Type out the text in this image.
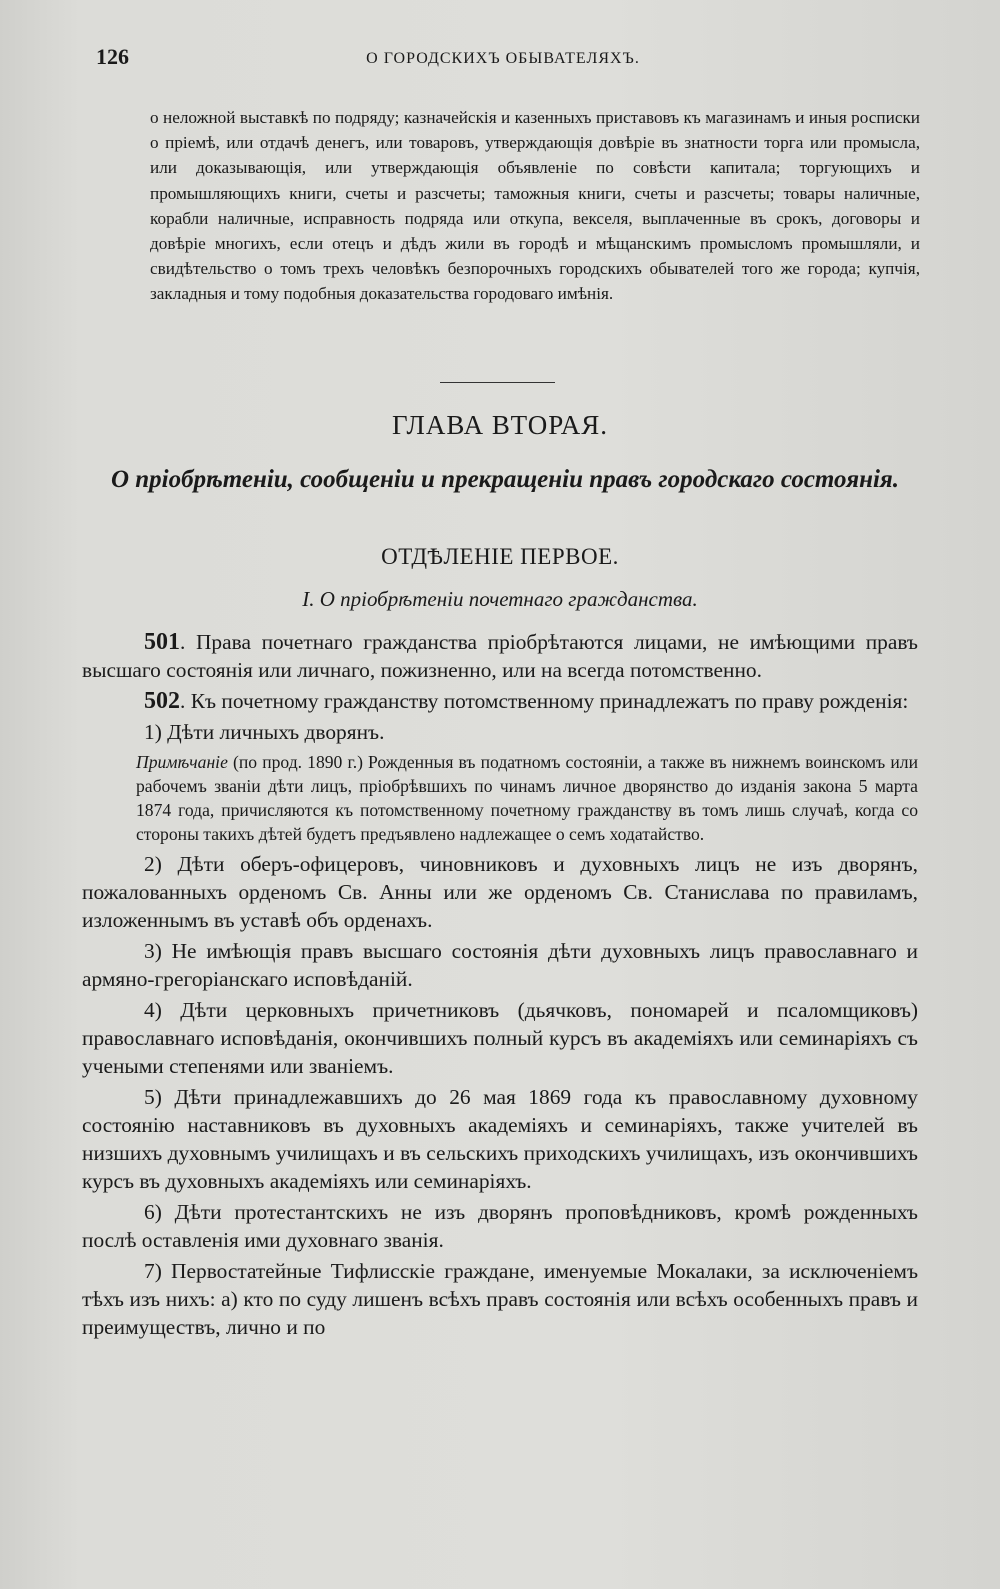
126	О ГОРОДСКИХЪ ОБЫВАТЕЛЯХЪ.

о неложной выставкѣ по подряду; казначейскія и казенныхъ приставовъ къ магазинамъ и иныя росписки о пріемѣ, или отдачѣ денегъ, или товаровъ, утверждающія довѣріе въ знатности торга или промысла, или доказывающія, или утверждающія объявленіе по совѣсти капитала; торгующихъ и промышляющихъ книги, счеты и разсчеты; таможныя книги, счеты и разсчеты; товары наличные, корабли наличные, исправность подряда или откупа, векселя, выплаченные въ срокъ, договоры и довѣріе многихъ, если отецъ и дѣдъ жили въ городѣ и мѣщанскимъ промысломъ промышляли, и свидѣтельство о томъ трехъ человѣкъ безпорочныхъ городскихъ обывателей того же города; купчія, закладныя и тому подобныя доказательства городоваго имѣнія.

ГЛАВА ВТОРАЯ.
О пріобрѣтеніи, сообщеніи и прекращеніи правъ городскаго состоянія.
ОТДѢЛЕНІЕ ПЕРВОЕ.
I. О пріобрѣтеніи почетнаго гражданства.

501. Права почетнаго гражданства пріобрѣтаются лицами, не имѣющими правъ высшаго состоянія или личнаго, пожизненно, или на всегда потомственно.

502. Къ почетному гражданству потомственному принадлежатъ по праву рожденія:

1) Дѣти личныхъ дворянъ.

Примѣчаніе (по прод. 1890 г.) Рожденныя въ податномъ состояніи, а также въ нижнемъ воинскомъ или рабочемъ званіи дѣти лицъ, пріобрѣвшихъ по чинамъ личное дворянство до изданія закона 5 марта 1874 года, причисляются къ потомственному почетному гражданству въ томъ лишь случаѣ, когда со стороны такихъ дѣтей будетъ предъявлено надлежащее о семъ ходатайство.

2) Дѣти оберъ-офицеровъ, чиновниковъ и духовныхъ лицъ не изъ дворянъ, пожалованныхъ орденомъ Св. Анны или же орденомъ Св. Станислава по правиламъ, изложеннымъ въ уставѣ объ орденахъ.

3) Не имѣющія правъ высшаго состоянія дѣти духовныхъ лицъ православнаго и армяно-грегоріанскаго исповѣданій.

4) Дѣти церковныхъ причетниковъ (дьячковъ, пономарей и псаломщиковъ) православнаго исповѣданія, окончившихъ полный курсъ въ академіяхъ или семинаріяхъ съ учеными степенями или званіемъ.

5) Дѣти принадлежавшихъ до 26 мая 1869 года къ православному духовному состоянію наставниковъ въ духовныхъ академіяхъ и семинаріяхъ, также учителей въ низшихъ духовнымъ училищахъ и въ сельскихъ приходскихъ училищахъ, изъ окончившихъ курсъ въ духовныхъ академіяхъ или семинаріяхъ.

6) Дѣти протестантскихъ не изъ дворянъ проповѣдниковъ, кромѣ рожденныхъ послѣ оставленія ими духовнаго званія.

7) Первостатейные Тифлисскіе граждане, именуемые Мокалаки, за исключеніемъ тѣхъ изъ нихъ: а) кто по суду лишенъ всѣхъ правъ состоянія или всѣхъ особенныхъ правъ и преимуществъ, лично и по
